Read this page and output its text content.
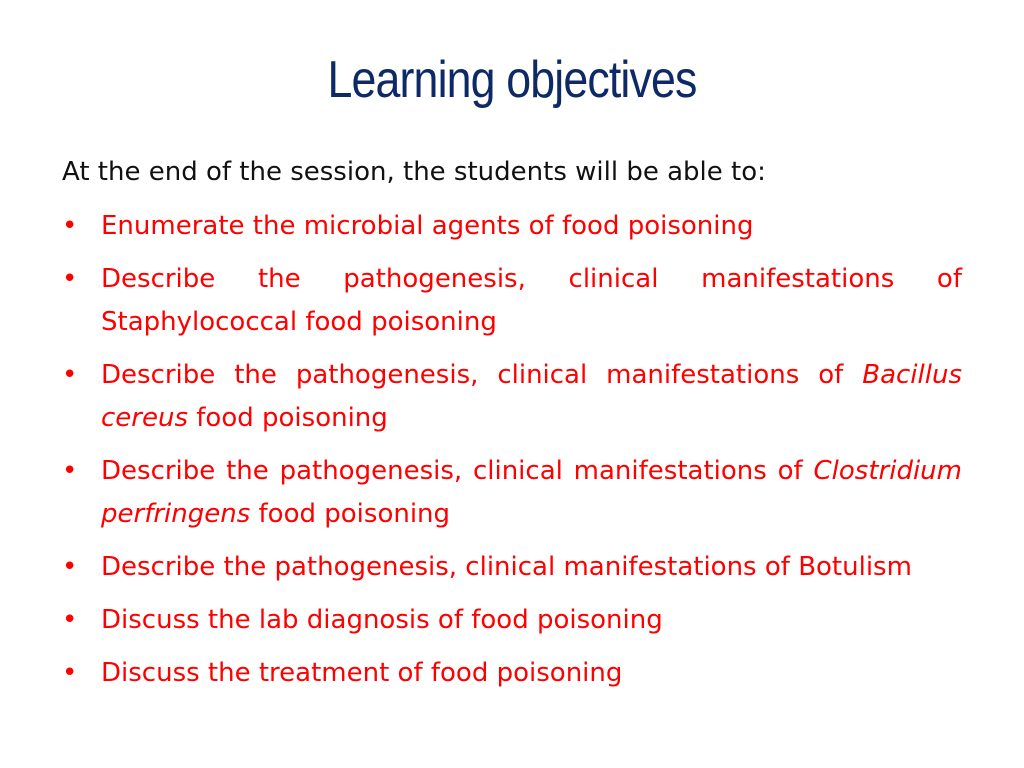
Learning objectives
At the end of the session, the students will be able to:
• Enumerate the microbial agents of food poisoning
• Describe the pathogenesis, clinical manifestations of Staphylococcal food poisoning
• Describe the pathogenesis, clinical manifestations of Bacillus cereus food poisoning
• Describe the pathogenesis, clinical manifestations of Clostridium perfringens food poisoning
• Describe the pathogenesis, clinical manifestations of Botulism
• Discuss the lab diagnosis of food poisoning
• Discuss the treatment of food poisoning
